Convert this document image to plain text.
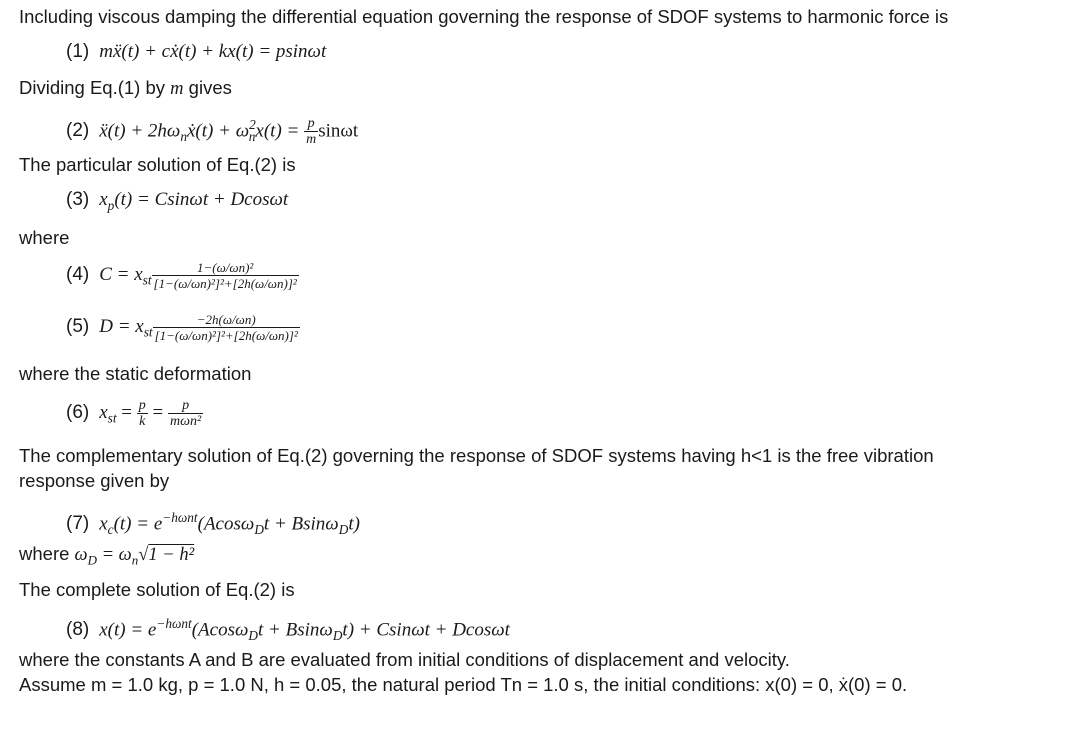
Including viscous damping the differential equation governing the response of SDOF systems to harmonic force is
(1) mẍ(t) + cẋ(t) + kx(t) = psinωt
Dividing Eq.(1) by m gives
(2) ẍ(t) + $2h\omega_nẋ(t) + \omega^2_nx(t) = \frac{p}{m}$ sinωt
The particular solution of Eq.(2) is
(3) $x_p(t) = Csin\omega t + Dcos\omega t$
where
(4) $C = x_{st} \frac{\text{1−(ω/ωn)²}}{\text{[1−(ω/ωn)²]²+[2h(ω/ωn)]²}}$
(5) $D = x_{st} \frac{-2h(\omega/\omega n)}{\text{[1−(ω/ωn)²]²+[2h(ω/ωn)]²}}$
where the static deformation
(6) $x_{st} = \frac{p}{k} = \frac{p}{\text{mωn²}}$
The complementary solution of Eq.(2) governing the response of SDOF systems having h<1 is the free vibration
response given by
(7) $x_c(t) = e^{-h\omega nt}(Acos\omega_Dt + Bsin\omega_Dt)$
where $\omega_D = \omega_n√1 - h^2$
The complete solution of Eq.(2) is
(8) $x(t) = e^{-h\omega nt}(Acos\omega_Dt + Bsin\omega_Dt) + Csin\omega t + Dcos\omega t$
where the constants A and B are evaluated from initial conditions of displacement and velocity.
Assume m = 1.0 kg, p = 1.0 N, h = 0.05, the natural period Tn = 1.0 s, the initial conditions: x(0) = 0, ẋ(0) = 0.
